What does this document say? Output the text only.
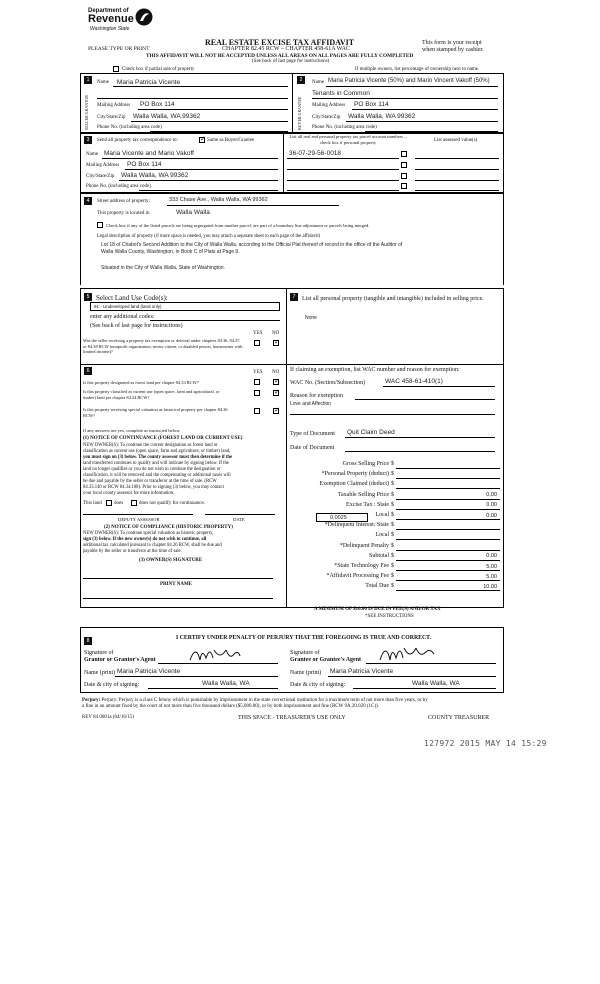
Department of
Revenue
Washington State
PLEASE TYPE OR PRINT
REAL ESTATE EXCISE TAX AFFIDAVIT
CHAPTER 82.45 RCW – CHAPTER 458-61A WAC
THIS AFFIDAVIT WILL NOT BE ACCEPTED UNLESS ALL AREAS ON ALL PAGES ARE FULLY COMPLETED
(See back of last page for instructions)
This form is your receipt
when stamped by cashier.
Check box if partial sale of property	If multiple owners, list percentage of ownership next to name.
1
SELLER GRANTOR
Name Maria Patricia Vicente
Mailing Address PO Box 114
City/State/Zip Walla Walla, WA 99362
Phone No. (including area code)
2
BUYER GRANTEE
Name Maria Patricia Vicente (50%) and Mario Vincent Vakoff (50%)
Tenants in Common
Mailing Address PO Box 114
City/State/Zip Walla Walla, WA 99362
Phone No. (including area code)
3	Send all property tax correspondence to:
✓	Same as Buyer/Grantee
Name Maria Vicente and Mario Vakoff
Mailing Address PO Box 114
City/State/Zip Walla Walla, WA 99362
Phone No. (including area code)
List all real and personal property tax parcel account numbers – check box if personal property	List assessed value(s)
36-07-29-56-0018
4	Street address of property:	333 Chase Ave., Walla Walla, WA 99362
This property is located in	Walla Walla
Check box if any of the listed parcels are being segregated from another parcel, are part of a boundary line adjustment or parcels being merged.
Legal description of property (if more space is needed, you may attach a separate sheet to each page of the affidavit)
Lot 18 of Chabot's Second Addition to the City of Walla Walla, according to the Official Plat thereof of record in the office of the Auditor of
Walla Walla County, Washington, in Book C of Plats at Page 9.
Situated in the City of Walla Walla, State of Washington.
5 Select Land Use Code(s):
91 - Undeveloped land (land only)
enter any additional codes:
(See back of last page for instructions)
YES NO
Was the seller receiving a property tax exemption or deferral under chapters 84.36, 84.37, or 84.38 RCW (nonprofit organization, senior citizen, or disabled person, homeowner with limited income)?
✓
6	YES NO
Is this property designated as forest land per chapter 84.33 RCW?
✓
Is this property classified as current use (open space, farm and agricultural, or timber) land per chapter 84.34 RCW?
✓
Is this property receiving special valuation as historical property per chapter 84.26 RCW?
✓
If any answers are yes, complete as instructed below.
(1) NOTICE OF CONTINUANCE (FOREST LAND OR CURRENT USE)
NEW OWNER(S): To continue the current designation as forest land or
classification as current use (open space, farm and agriculture, or timber) land,
you must sign on (3) below. The county assessor must then determine if the
land transferred continues to qualify and will indicate by signing below. If the
land no longer qualifies or you do not wish to continue the designation or
classification, it will be removed and the compensating or additional taxes will
be due and payable by the seller or transferor at the time of sale. (RCW
84.33.140 or RCW 84.34.108). Prior to signing (3) below, you may contact
your local county assessor for more information.
This land does	does not qualify for continuance.
DEPUTY ASSESSOR	DATE
(2) NOTICE OF COMPLIANCE (HISTORIC PROPERTY)
NEW OWNER(S): To continue special valuation as historic property,
sign (3) below. If the new owner(s) do not wish to continue, all
additional tax calculated pursuant to chapter 84.26 RCW, shall be due and
payable by the seller or transferor at the time of sale.
(3) OWNER(S) SIGNATURE
PRINT NAME
7	List all personal property (tangible and intangible) included in selling price.
None
If claiming an exemption, list WAC number and reason for exemption:
WAC No. (Section/Subsection)	WAC 458-61-410(1)
Reason for exemption
Love and Affection
Type of Document Quit Claim Deed
Date of Document
Gross Selling Price $
*Personal Property (deduct) $
Exemption Claimed (deduct) $
Taxable Selling Price $	0.00
Excise Tax : State $	0.00
Local $	0.00
*Delinquent Interest: State $
Local $
*Delinquent Penalty $
Subtotal $	0.00
*State Technology Fee $	5.00
*Affidavit Processing Fee $	5.00
Total Due $	10.00
0.0025
A MINIMUM OF $10.00 IS DUE IN FEE(S) AND/OR TAX
*SEE INSTRUCTIONS
8	I CERTIFY UNDER PENALTY OF PERJURY THAT THE FOREGOING IS TRUE AND CORRECT.
Signature of
Grantor or Grantor's Agent
Name (print) Maria Patricia Vicente
Date & city of signing:	Walla Walla, WA
Signature of
Grantee or Grantee's Agent
Name (print) Maria Patricia Vicente
Date & city of signing:	Walla Walla, WA
Perjury: Perjury: Perjury is a class C felony which is punishable by imprisonment in the state correctional institution for a maximum term of not more than five years, or by
a fine in an amount fixed by the court of not more than five thousand dollars ($5,000.00), or by both imprisonment and fine (RCW 9A.20.020 (1C)).
REV 84 0001a (04/16/15)	THIS SPACE - TREASURER'S USE ONLY	COUNTY TREASURER
127972 2015 MAY 14 15:29
